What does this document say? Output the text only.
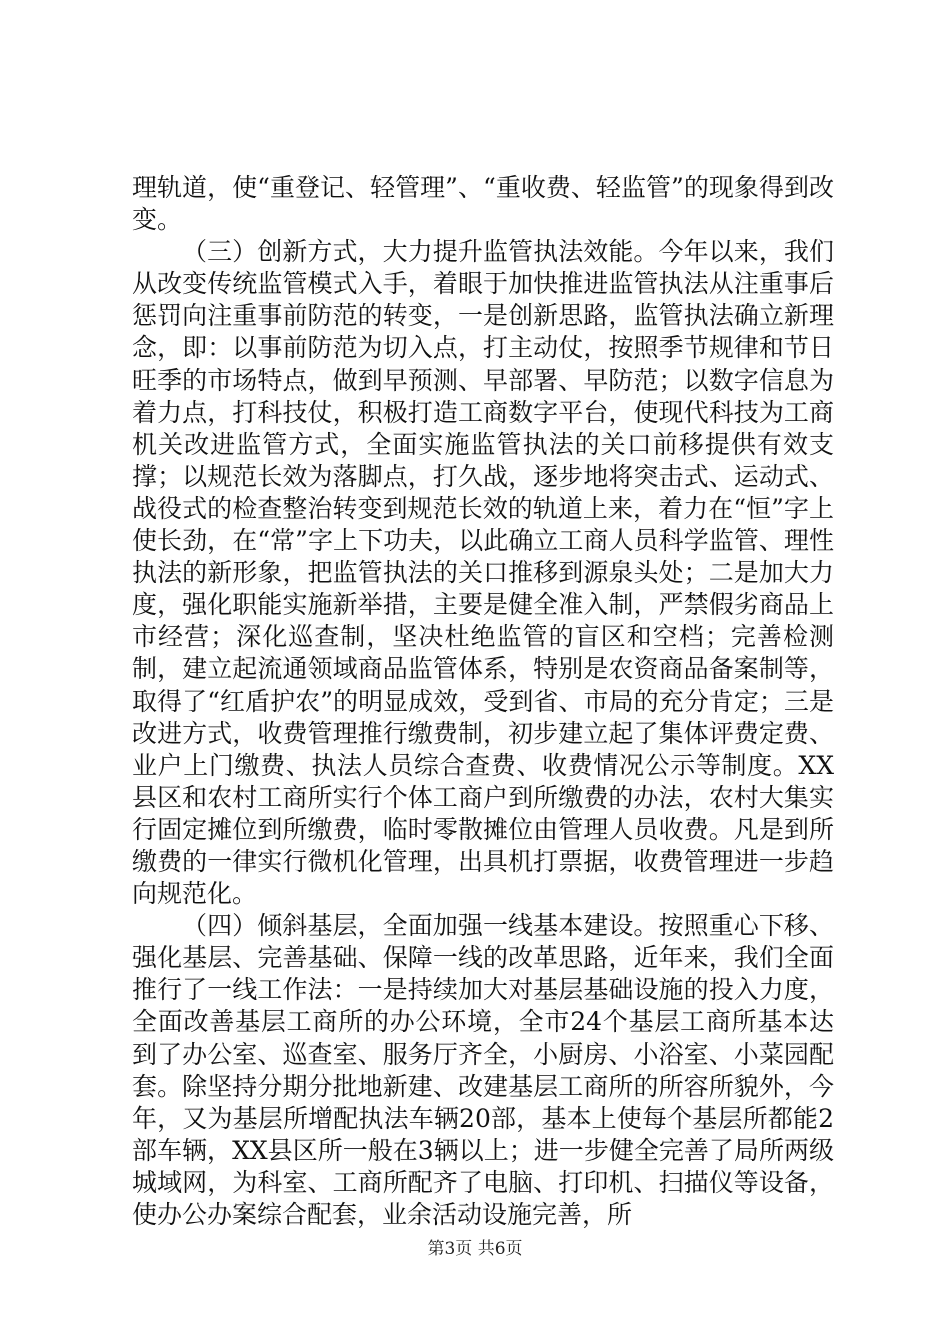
理轨道，使“重登记、轻管理”、“重收费、轻监管”的现象得到改变。

（三）创新方式，大力提升监管执法效能。今年以来，我们从改变传统监管模式入手，着眼于加快推进监管执法从注重事后惩罚向注重事前防范的转变，一是创新思路，监管执法确立新理念，即：以事前防范为切入点，打主动仗，按照季节规律和节日旺季的市场特点，做到早预测、早部署、早防范；以数字信息为着力点，打科技仗，积极打造工商数字平台，使现代科技为工商机关改进监管方式，全面实施监管执法的关口前移提供有效支撑；以规范长效为落脚点，打久战，逐步地将突击式、运动式、战役式的检查整治转变到规范长效的轨道上来，着力在“恒”字上使长劲，在“常”字上下功夫，以此确立工商人员科学监管、理性执法的新形象，把监管执法的关口推移到源泉头处；二是加大力度，强化职能实施新举措，主要是健全准入制，严禁假劣商品上市经营；深化巡查制，坚决杜绝监管的盲区和空档；完善检测制，建立起流通领域商品监管体系，特别是农资商品备案制等，取得了“红盾护农”的明显成效，受到省、市局的充分肯定；三是改进方式，收费管理推行缴费制，初步建立起了集体评费定费、业户上门缴费、执法人员综合查费、收费情况公示等制度。XX县区和农村工商所实行个体工商户到所缴费的办法，农村大集实行固定摊位到所缴费，临时零散摊位由管理人员收费。凡是到所缴费的一律实行微机化管理，出具机打票据，收费管理进一步趋向规范化。

（四）倾斜基层，全面加强一线基本建设。按照重心下移、强化基层、完善基础、保障一线的改革思路，近年来，我们全面推行了一线工作法：一是持续加大对基层基础设施的投入力度，全面改善基层工商所的办公环境，全市24个基层工商所基本达到了办公室、巡查室、服务厅齐全，小厨房、小浴室、小菜园配套。除坚持分期分批地新建、改建基层工商所的所容所貌外，今年，又为基层所增配执法车辆20部，基本上使每个基层所都能2部车辆，XX县区所一般在3辆以上；进一步健全完善了局所两级城域网，为科室、工商所配齐了电脑、打印机、扫描仪等设备，使办公办案综合配套，业余活动设施完善，所

第3页 共6页
